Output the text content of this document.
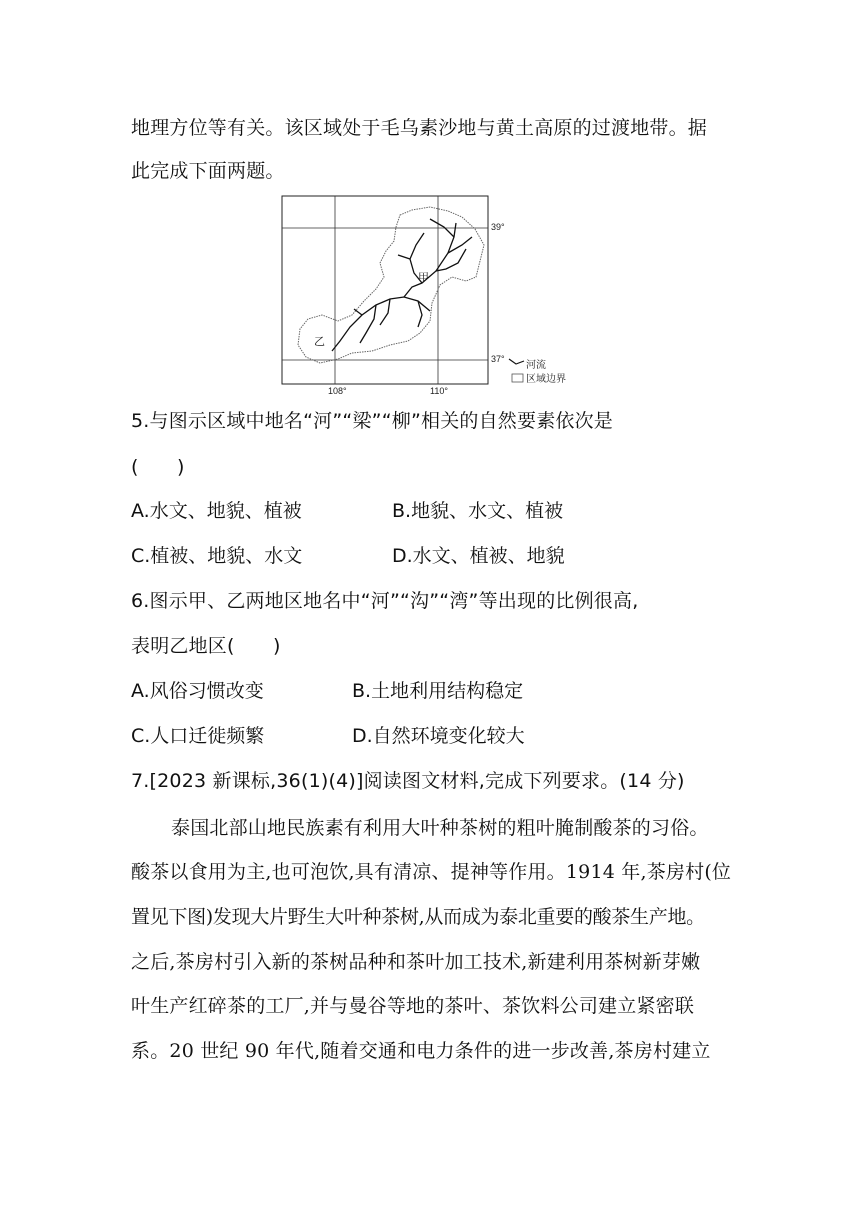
地理方位等有关。该区域处于毛乌素沙地与黄土高原的过渡地带。据
此完成下面两题。
甲
乙
39°
37°
108°	110°
河流
区域边界
5.与图示区域中地名“河”“梁”“柳”相关的自然要素依次是
(　　)
A.水文、地貌、植被	B.地貌、水文、植被
C.植被、地貌、水文	D.水文、植被、地貌
6.图示甲、乙两地区地名中“河”“沟”“湾”等出现的比例很高,
表明乙地区(　　)
A.风俗习惯改变	B.土地利用结构稳定
C.人口迁徙频繁	D.自然环境变化较大
7.[2023 新课标,36(1)(4)]阅读图文材料,完成下列要求。(14 分)
泰国北部山地民族素有利用大叶种茶树的粗叶腌制酸茶的习俗。
酸茶以食用为主,也可泡饮,具有清凉、提神等作用。1914 年,茶房村(位
置见下图)发现大片野生大叶种茶树,从而成为泰北重要的酸茶生产地。
之后,茶房村引入新的茶树品种和茶叶加工技术,新建利用茶树新芽嫩
叶生产红碎茶的工厂,并与曼谷等地的茶叶、茶饮料公司建立紧密联
系。20 世纪 90 年代,随着交通和电力条件的进一步改善,茶房村建立
